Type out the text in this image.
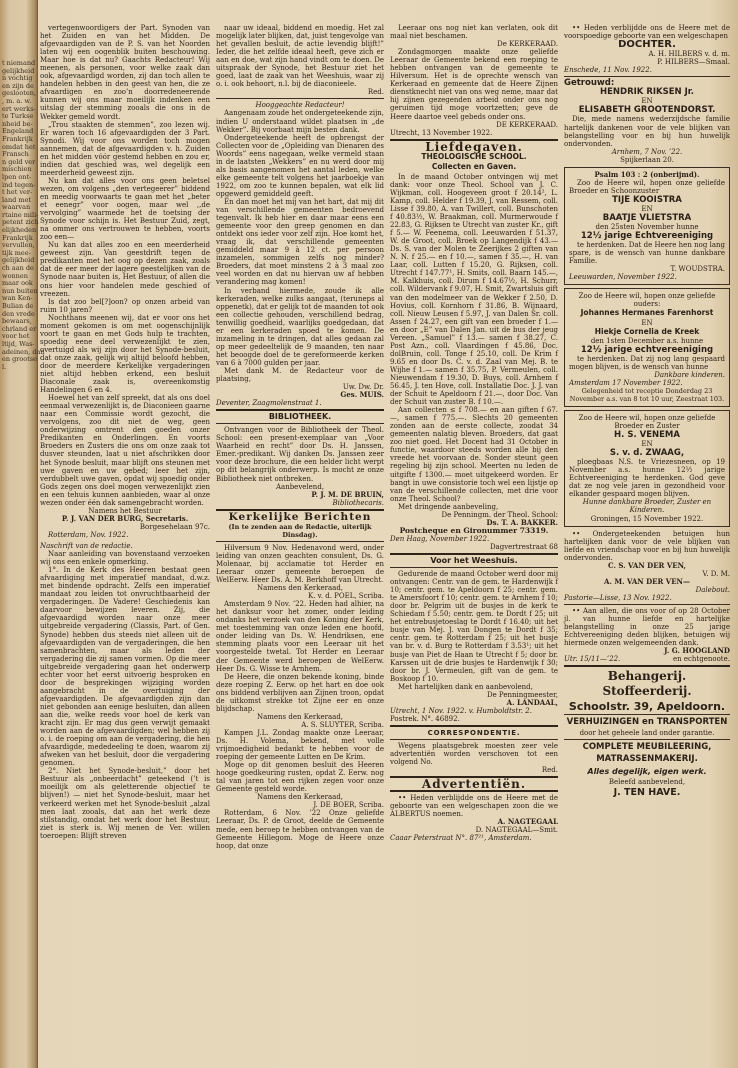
t niemand
gelijkheid
n vochtig
en zijn de
geslooten,
, m. a. w.
ert werks-
te Turkse
nheid be-
Engeland
Frankrijk
omdat het
Fransch
n geld ver
mischien
lpen ont-
ind tegen-
t het ver-
land met
waarvan
rtaine mili-
petent zich
elijkheden
Frankrijk
vervullen,
tijk mee-
gelijkheid
ch aan de
wonnen
maar ook
nun buiten
wan Ken-
Bulian de
den vrede
bewaars,
chrland er
voor het
ltijd, Was-
adeinen, dan
en grootse
l.

vertegenwoordigers der Part. Synoden van het Zuiden en van het Midden. De afgevaardigden van de P. S. van het Noorden laten wij een oogenblik buiten beschouwing. Maar hoe is dat nu? Gaachts Redacteur! Wij meenen, als personen, voor welke zaak dan ook, afgevaardigd worden, zij dan toch allen te handelen hebben in den geest van hen, die ze afvaardigen en zoo’n doorredeneerende kunnen wij ons maar moeilijk indenken een uitslag der stemming zooals die ons in de Wekker gemeld wordt.

„Trou staakten de stemmen”, zoo lezen wij. Er waren toch 16 afgevaardigden der 3 Part. Synodi. Wij voor ons worden toch mogen aannemen, dat de afgevaardigden v. h. Zuiden en het midden vóór gestemd hebben en zou er, indien dat geschied was, wel degelijk een meerderheid geweest zijn.

Nu kan dat alles voor ons geen beletsel wezen, om volgens „den vertegeerer” biddend en meedig voorwaarts te gaan met het „beter et eenegr” voor oogen, maar wel ,,de vervolging” waarmede het de toetsing der Synode voor schijn is. Het Bestuur Zuid, zegt, na ommer ons vertrouwen te hebben, voorts zoo een—

Nu kan dat alles zoo en een meerderheid geweest zijn. Van geestdrift tegen de predikanten met het oog op dezen zaak, zoals dat de eer meer der lagere geestelijken van de Synode naar buiten is, Het Bestuur, of allen die ons hier voor handelen mede geschied of vreezen.

Is dat zoo bel[?]oon? op onzen arbeid van ruim 10 jaren?

Nochthans meenen wij, dat er voor ons het moment gekomen is om met oogenschijnlijk voort te gaan en met Gods hulp te trachten, spoedig eene deel verwezenlijkt te zien, overtuigd als wij zijn door het Synode-besluit, dat onze zaak, gelijk wij altijd beloofd hebben, door de meerdere Kerkelijke vergaderingen niet altijd hebben erkend, een besluit Diaconale zaak is, overeenkomstig Handelingen 6 en 4.

Hoewel het van zelf spreekt, dat als ons doel eenmaal verwezenlijkt is, de Diaconieen gaarne naar een Commissie wordt gezocht, die vervolgens, zoo dit niet de weg, geen onderwijzing omtrent den goeden onzer Predikanten en Onderlingen. En voorts Broeders en Zusters die ons om onze zaak tot dusver steunden, laat u niet afschrikken door het Synode besluit, maar blijft ons steunen met uwe gaven en uw gebed; leer het zijn, verdubbelt uwe gaven, opdat wij spoedig onder Gods zegen ons doel mogen verwezenlijkt zien en een tehuis kunnen aanbieden, waar al onze wezen onder één dak samengebracht worden.

Namens het Bestuur

P. J. VAN DER BURG, Secretaris.

Borgesehelaan 97c.

Rotterdam, Nov. 1922.

Naschrift van de redactie.

Naar aanleiding van bovenstaand verzoeken wij ons een enkele opmerking.

1°. In de Kerk des Heeren bestaat geen afvaardiging met imperatief mandaat, d.w.z. met bindende opdracht. Zelfs een imperatief mandaat zou leiden tot onvruchtbaarheid der vergaderingen. De Vadere! Geschiedenis kan daarvoor bewijzen leveren. Zij, die afgevaardigd worden naar onze meer uitgebreide vergadering (Classis, Part. of Gen. Synode) hebben dus steeds niet alleen uit de afgevaardigden van de vergaderingen, die hen samenbrachten, maar als leden der vergadering die zij samen vormen. Op die meer uitgebreide vergadering gaan het onderwerp echter voor het eerst uitvoerig besproken en door de besprekingen wijziging worden aangebracht in de overtuiging der afgevaardigden. De afgevaardigden zijn dan niet gebonden aan eenige besluiten, dan alleen aan die, welke reeds voor hoel de kerk van kracht zijn. Er mag dus geen verwijt gemaakt worden aan de afgevaardigden; wel hebben zij o. i. de roeping om aan de vergadering, die hen afvaardigde, mededeeling te doen, waarom zij afweken van het besluit, door die vergadering genomen.

2°. Niet het Synode-besluit,” door het Bestuur als „onbeerdacht” geteekend (’t is moeilijk om als geletterende objectief te blijven!) — niet het Synode-besluit, maar het verkeerd werken met het Synode-besluit „alzal men laat zooals, dat aan het werk deze stilstandig, omdat het werk door het Bestuur, ziet is sterk is. Wij menen de Ver. willen toeroepen: Blijft streven

naar uw ideaal, biddend en moedig. Het zal mogelijk later blijken, dat, juist tengevolge van het gevallen besluit, de actie levendig blijft!” Ieder, die het zelfde ideaal heeft, geve zich er aan en doe, wat zijn hand vindt om te doen. De uitspraak der Synode, het Bestuur ziet het goed, laat de zaak van het Weeshuis, waar zij o. i. ook behoort, n.l. bij de diaconieele.

Red.

Hooggeachte Redacteur!

Aangenaam zoude het ondergeteekende zijn, indien U onderstaand wildet plaatsen in „de Wekker”. Bij voorbaat mijn besten dank.

Ondergeteekende heeft de opbrengst der Collecten voor de „Opleiding van Dienaren des Woords” eens nagegaan, welke vermeld staan in de laatsten „Wekkers” en nu werd door mij als basis aangenomen het aantal leden, welke elke gemeente telt volgens het jaarboekje van 1922, om zoo te kunnen bepalen, wat elk lid opgewerd gemiddeld geeft.

En dan moet het mij van het hart, dat mij dit van verschillende gemeenten bedroevend tegenvalt. Ik heb hier en daar maar eens een gemeente voor den greep genomen en dan ontdekt ons ieder voor zelf zijn. Hoe komt het, vraag ik, dat verschillende gemeenten gemiddeld maar 9 à 12 ct. per persoon inzamelen, sommigen zelfs nog minder? Broeders, dat moet minstens 2 à 3 maal zoo veel worden en dat nu hiervan uw af hebben verandering mag komen!

In verband hiermede, zoude ik alle kerkeraden, welke zulks aangaat, (teruneps al oppenetk), dat er gelijk tot de maanden tot ook een collectie gehouden, verschillend bedrag, tenwillig goedheid, waarlijks goedgedaan, dat er een kerkeraden spoed te komen. De inzameling in te dringen, dat alles gedaan zal op meer gedeeltelijk de 9 maanden, ten naar het beoogde doel de te gereformeerde kerken van 6 à 7000 gulden per jaar.

Met dank M. de Redacteur voor de plaatsing,

Uw. Dw. Dr.

Ges. MUIS.

Deventer, Zaagmolenstraat 1.

BIBLIOTHEEK.

Ontvangen voor de Bibliotheek der Theol. School: een present-exemplaar van „Voor Waarheid en recht” door Ds. H. Janssen, Emer.-predikant. Wij danken Ds. Janssen zeer voor deze brochure, die een helder licht werpt op dit belangrijk onderwerp. Is mocht ze onze Bibliotheek niet ontbreken.

Aanbevelend,

P. J. M. DE BRUIN,

Bibliothecaris.

Kerkelijke Berichten

(In te zenden aan de Redactie, uiterlijk Dinsdag).

Hilversum 9 Nov. Hedenavond werd, onder leiding van onzen geachten consulent, Ds. G. Molenaar, bij acclamatie tot Herder en Leeraar onzer gemeente beroepen de WelEerw. Heer Ds. A. M. Berkhoff van Utrecht.

Namens den Kerkeraad,

K. v. d. POEL, Scriba.

Amsterdam 9 Nov. ’22. Heden had alhier, na het danksur voor het zomer, onder leiding ondanks het verzoek van den Koning der Kerk, met toestemming van onze leden ene hoofd, onder leiding van Ds. W. Hendriksen, ene stemming plaats voor een Leeraar uit het voorgestelde twetal. Tot Herder en Leeraar der Gemeente werd beroepen de WelEerw. Heer Ds. G. Wisse te Arnhem.

De Heere, die onzen bekende koning, binde deze roeping Z. Eerw. op het hart en doe ook ons biddend verblijven aan Zijnen troon, opdat de uitkomst strekke tot Zijne eer en onze blijdschap.

Namens den Kerkeraad,

A. S. SLUYTER, Scriba.

Kampen J.L. Zondag maakte onze Leeraar, Ds. H. Volema, bekend, met volle vrijmoedigheid bedankt te hebben voor de roeping der gemeente Lutten en De Krim.

Moge op dit genomen besluit des Heeren hooge goedkeuring rusten, opdat Z. Eerw. nog tal van jaren tot een rijken zegen voor onze Gemeente gesteld worde.

Namens den Kerkeraad,

J. DE BOER, Scriba.

Rotterdam, 6 Nov. ’22 Onze geliefde Leeraar, Ds. P. de Groot, deelde de Gemeente mede, een beroep te hebben ontvangen van de Gemeente Hillegom. Moge de Heere onze hoop, dat onze

Leeraar ons nog niet kan verlaten, ook dit maal niet beschamen.

De KERKERAAD.

Zondagmorgen maakte onze geliefde Leeraar de Gemeente bekend een roeping te hebben ontvangen van de gemeente te Hilversum. Het is de oprechte wensch van Kerkeraad en gemeente dat de Heere Zijnen dienstknecht niet van ons weg neme, maar dat hij zijnen gezegenden arbeid onder ons nog geruimen tijd moge voortzetten; geve de Heere daartoe veel gebeds onder ons.

DE KERKERAAD.

Utrecht, 13 November 1922.

Liefdegaven.
THEOLOGISCHE SCHOOL.
Collecten en Gaven.

In de maand October ontvingen wij met dank: voor onze Theol. School van J. C. Wijkman, coll. Hoogeveen groot f 20.14², L. Kamp, coll. Helder f 19.39, J. van Ressem, coll. Lisse f 39.80, A. van Twillert, coll. Bunschoten f 40.83½, W. Braakman, coll. Murmerwoude f 22.83, G. Rijksen te Utrecht van zuster Kr., gift f 5.— W. Feenema, coll. Leeuwarden f 51.37, W. de Groot, coll. Broek op Langendijk f 43.— Ds. S. van der Molen te Zeerijkes 2 giften van N. N. f 25.— en f 10.—, samen f 35.—, H. van Laar, coll. Lutten f 15.20, G. Rijksen, coll. Utrecht f 147.77¹, H. Smits, coll. Baarn 145.—, M. Kalkhuis, coll. Dirum f 14.67½, H. Schurr, coll. Wildervank f 9.07, H. Smit, Zwartsluis gift van den modelmeer van de Wekker f 2.50, D. Hovius, coll. Kornhorn f 31.86, B. Wijnaard, coll. Nieuw Leusen f 5.97, J. van Dalen Sr. coll. Assen f 24.27, een gift van een broeder f 1.— en door „E” van Dalen Jan. uit de bus der jeug Vereen. „Samuel” f 13.— samen f 38.27, C. Post Azn., coll. Vlaardingen f 45.86, Doc. dolBruin, coll. Tonge f 25.10, coll. De Krim f 9.65 en door Ds. C. v. d. Zaal van Mej. B. te Wijhe f 1.— samen f 35.75, P. Vermeulen, coll. Nieuwendam f 19.30, D. Buys, coll. Arnhem f 56.45, J. ten Hove, coll. Installatie Doc. J. J. van der Schuit te Apeldoorn f 21.—, door Doc. Van der Schuit van zuster B. f 10.—.

Aan collecten ≤ f 708.— en aan giften f 67.—, samen f 775.—. Slechts 20 gemeenten zonden aan de eerste collecte, zoodat 34 gemeenten nalatig bleven. Broeders, dat gaat zoo niet goed. Het Docent had 31 October in functie, waardoor steeds worden alle bij den vreede het voorvaan de. Sonder steunt geen regeling bij zijn school. Meerten nu leden de uitgifte f 1300.— moet uitgekeerd worden. Er bangt in uwe consistorie toch wel een lijstje op van de verschillende collecten, met drie voor onze Theol. School?

Met dringende aanbeveling,

De Penningm. der Theol. School:

Ds. T. A. BAKKER.

Postcheque en Gironummer 73319.

Den Haag, November 1922.

Dagvertrestraat 68

Voor het Weeshuis.

Gedurende de maand October werd door mij ontvangen: Centr. van de gem. te Hardenwijk f 10; centr. gem. te Apeldoorn f 25; centr. gem. te Amersfoort f 10; centr. gem. te Arnhem f 10; door br. Pelgrim uit de busjes in de kerk te Schiedam f 5.50; centr. gem. te Dordt f 25; uit het entrebusjetoeslag te Dordt f 16.40; uit het busje van Mej. J. van Dongen te Dordt f 35; centr. gem. te Rotterdam f 25; uit het busje van br. v. d. Burg te Rotterdam f 3.53¹; uit het busje van Piet de Haan te Utrecht f 5; door br. Karssen uit de drie busjes te Hardenwijk f 30; door br. J. Vermeulen, gift van de gem. te Boskoop f 10.

Met hartelijken dank en aanbevolend,

De Penningmeester,

A. LANDAAL,

Utrecht, 1 Nov. 1922. v. Humboldtstr. 2.

Postrek. N°. 46892.

CORRESPONDENTIE.

Wegens plaatsgebrek moesten zeer vele advertentiën worden verschoven tot een volgend No.

Red.

Advertentiën.

•• Heden verblijdde ons de Heere met de geboorte van een welgeschapen zoon die we ALBERTUS noemen.

A. NAGTEGAAL

D. NAGTEGAAL—Smit.

Caaar Peterstraat N°. 87²¹, Amsterdam.

•• Heden verblijdde ons de Heere met de voorspoedige geboorte van een welgeschapen

DOCHTER.

A. H. HILBERS v. d. m.

P. HILBERS—Smaal.

Enschede, 11 Nov. 1922.

Getrouwd:

HENDRIK RIKSEN Jr.

EN

ELISABETH GROOTENDORST.

Die, mede namens wederzijdsche familie hartelijk dankenen voor de vele blijken van belangstelling voor en bij hun huwelijk ondervonden.

Arnhem, 7 Nov. ’22.

Spijkerlaan 20.

Psalm 103 : 2 (onberijmd).

Zoo de Heere wil, hopen onze geliefde Broeder en Schoonzuster

TIJE KOOISTRA

EN

BAATJE VLIETSTRA

den 25sten November hunne

12½ jarige Echtvereeniging

te herdenken. Dat de Heere hen nog lang spare, is de wensch van hunne dankbare Familie.

T. WOUDSTRA.

Leeuwarden, November 1922.

Zoo de Heere wil, hopen onze geliefde ouders:

Johannes Hermanes Farenhorst

EN

Hiekje Cornelia de Kreek

den 1sten December a.s. hunne

12½ jarige echtvereeniging

te herdenken. Dat zij nog lang gespaard mogen blijven, is de wensch van hunne

Dankbare kinderen.

Amsterdam 17 November 1922.

Gelegenheid tot receptie Donderdag 23 November a.s. van 8 tot 10 uur, Zeestraat 103.

Zoo de Heere wil, hopen onze geliefde Broeder en Zuster

H. S. VENEMA

EN

S. v. d. ZWAAG,

ploegbaas N.S. te Vriezesneen, op 19 November a.s. hunne 12½ jarige Echtvereeniging te herdenken. God geve dat ze nog vele jaren in gezondheid voor elkander gespaard mogen blijven.

Hunne dankbare Broeder, Zuster en Kinderen.

Groningen, 15 November 1922.

•• Ondergeteekenden betuigen hun hartelijken dank voor de vele blijken van liefde en vriendschap voor en bij hun huwelijk ondervonden.

C. S. VAN DER VEN,

V. D. M.

A. M. VAN DER VEN—

Dalebout.

Pastorie—Lisse, 13 Nov. 1922.

•• Aan allen, die ons voor of op 28 October jl. van hunne liefde en hartelijke belangstelling in onze 25 jarige Echtvereeniging deden blijken, betuigen wij hiermede onzen welgemeenden dank.

J. G. HOOGLAND

Utr. 15/11—’22.	en echtgenoote.

Behangerij. Stoffeerderij.
Schoolstr. 39, Apeldoorn.
VERHUIZINGEN en TRANSPORTEN

door het geheele land onder garantie.

COMPLETE MEUBILEERING,
MATRASSENMAKERIJ.
Alles degelijk, eigen werk.

Beleefd aanbevelend,

J. TEN HAVE.
